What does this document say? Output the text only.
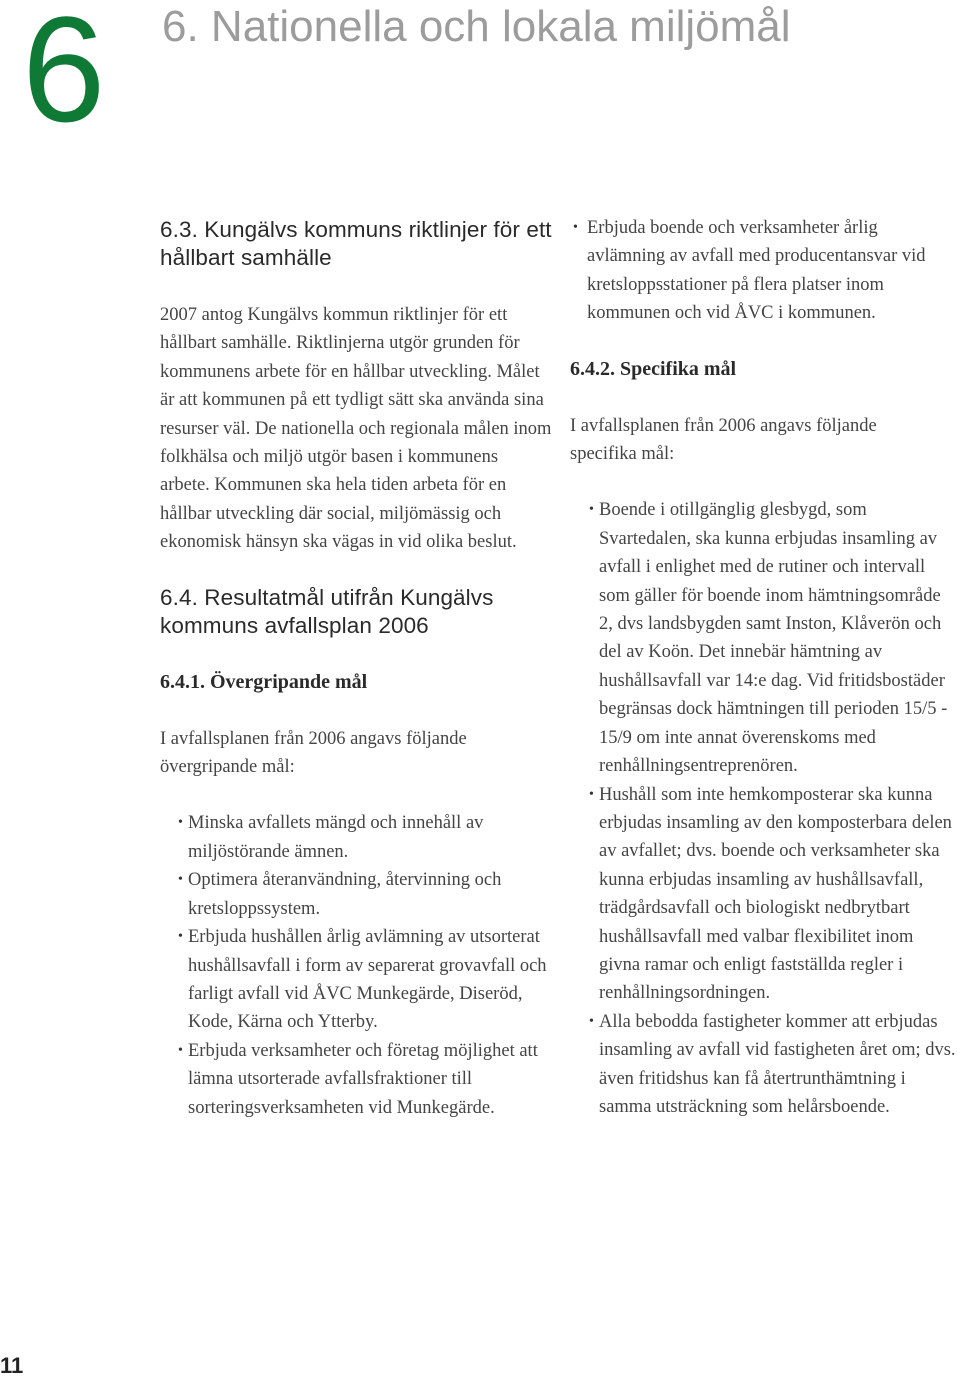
6 6. Nationella och lokala miljömål
6.3. Kungälvs kommuns riktlinjer för ett hållbart samhälle

2007 antog Kungälvs kommun riktlinjer för ett hållbart samhälle. Riktlinjerna utgör grunden för kommunens arbete för en hållbar utveckling. Målet är att kommunen på ett tydligt sätt ska använda sina resurser väl. De nationella och regionala målen inom folkhälsa och miljö utgör basen i kommunens arbete. Kommunen ska hela tiden arbeta för en hållbar utveckling där social, miljömässig och ekonomisk hänsyn ska vägas in vid olika beslut.

6.4. Resultatmål utifrån Kungälvs kommuns avfallsplan 2006
6.4.1. Övergripande mål

I avfallsplanen från 2006 angavs följande övergripande mål:

• Minska avfallets mängd och innehåll av miljöstörande ämnen.
• Optimera återanvändning, återvinning och kretsloppssystem.
• Erbjuda hushållen årlig avlämning av utsorterat hushållsavfall i form av separerat grovavfall och farligt avfall vid ÅVC Munkegärde, Diseröd, Kode, Kärna och Ytterby.
• Erbjuda verksamheter och företag möjlighet att lämna utsorterade avfallsfraktioner till sorteringsverksamheten vid Munkegärde.
• Erbjuda boende och verksamheter årlig avlämning av avfall med producentansvar vid kretsloppsstationer på flera platser inom kommunen och vid ÅVC i kommunen.
6.4.2. Specifika mål

I avfallsplanen från 2006 angavs följande specifika mål:

• Boende i otillgänglig glesbygd, som Svartedalen, ska kunna erbjudas insamling av avfall i enlighet med de rutiner och intervall som gäller för boende inom hämtningsområde 2, dvs landsbygden samt Inston, Klåverön och del av Koön. Det innebär hämtning av hushållsavfall var 14:e dag. Vid fritidsbostäder begränsas dock hämtningen till perioden 15/5 - 15/9 om inte annat överenskoms med renhållningsentreprenören.
• Hushåll som inte hemkomposterar ska kunna erbjudas insamling av den komposterbara delen av avfallet; dvs. boende och verksamheter ska kunna erbjudas insamling av hushållsavfall, trädgårdsavfall och biologiskt nedbrytbart hushållsavfall med valbar flexibilitet inom givna ramar och enligt fastställda regler i renhållningsordningen.
• Alla bebodda fastigheter kommer att erbjudas insamling av avfall vid fastigheten året om; dvs. även fritidshus kan få återtrunthämtning i samma utsträckning som helårsboende.
11
